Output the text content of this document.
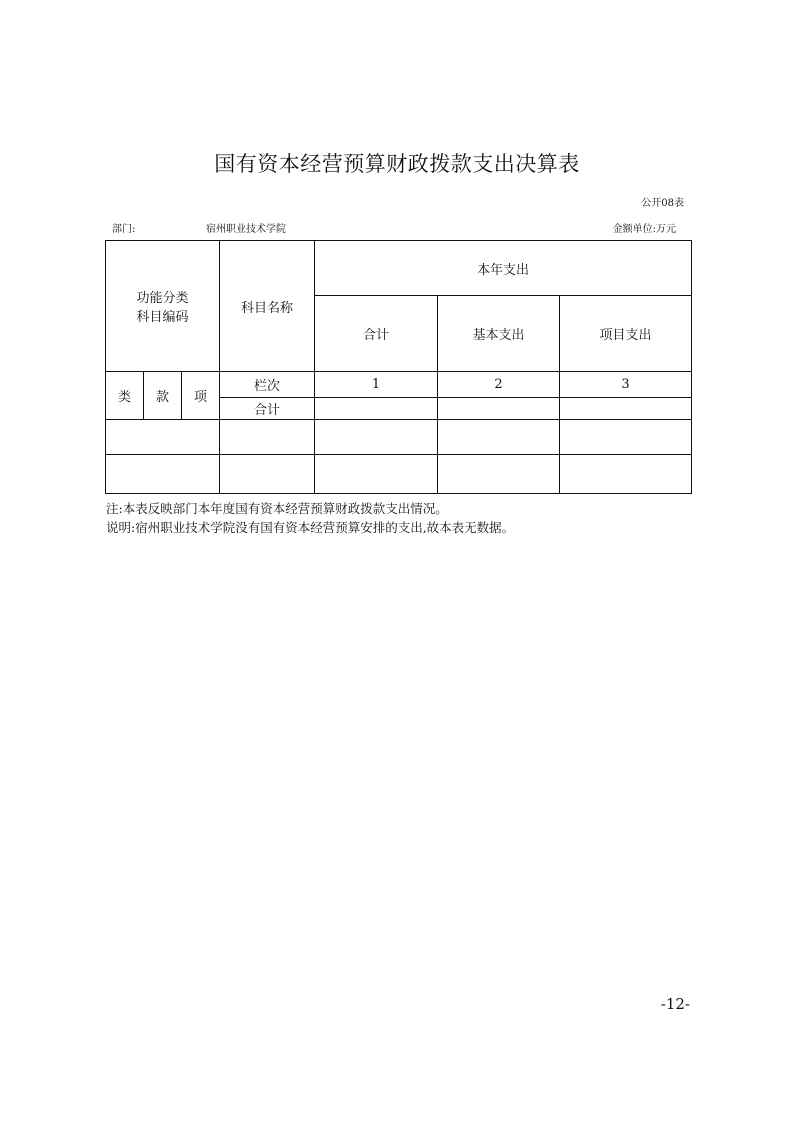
国有资本经营预算财政拨款支出决算表
公开08表
部门:	宿州职业技术学院	金额单位:万元
功能分类
科目编码			科目名称	本年支出		
				合计	基本支出	项目支出
类	款	项	栏次	1	2	3
			合计			

注:本表反映部门本年度国有资本经营预算财政拨款支出情况。
说明:宿州职业技术学院没有国有资本经营预算安排的支出,故本表无数据。
-12-
